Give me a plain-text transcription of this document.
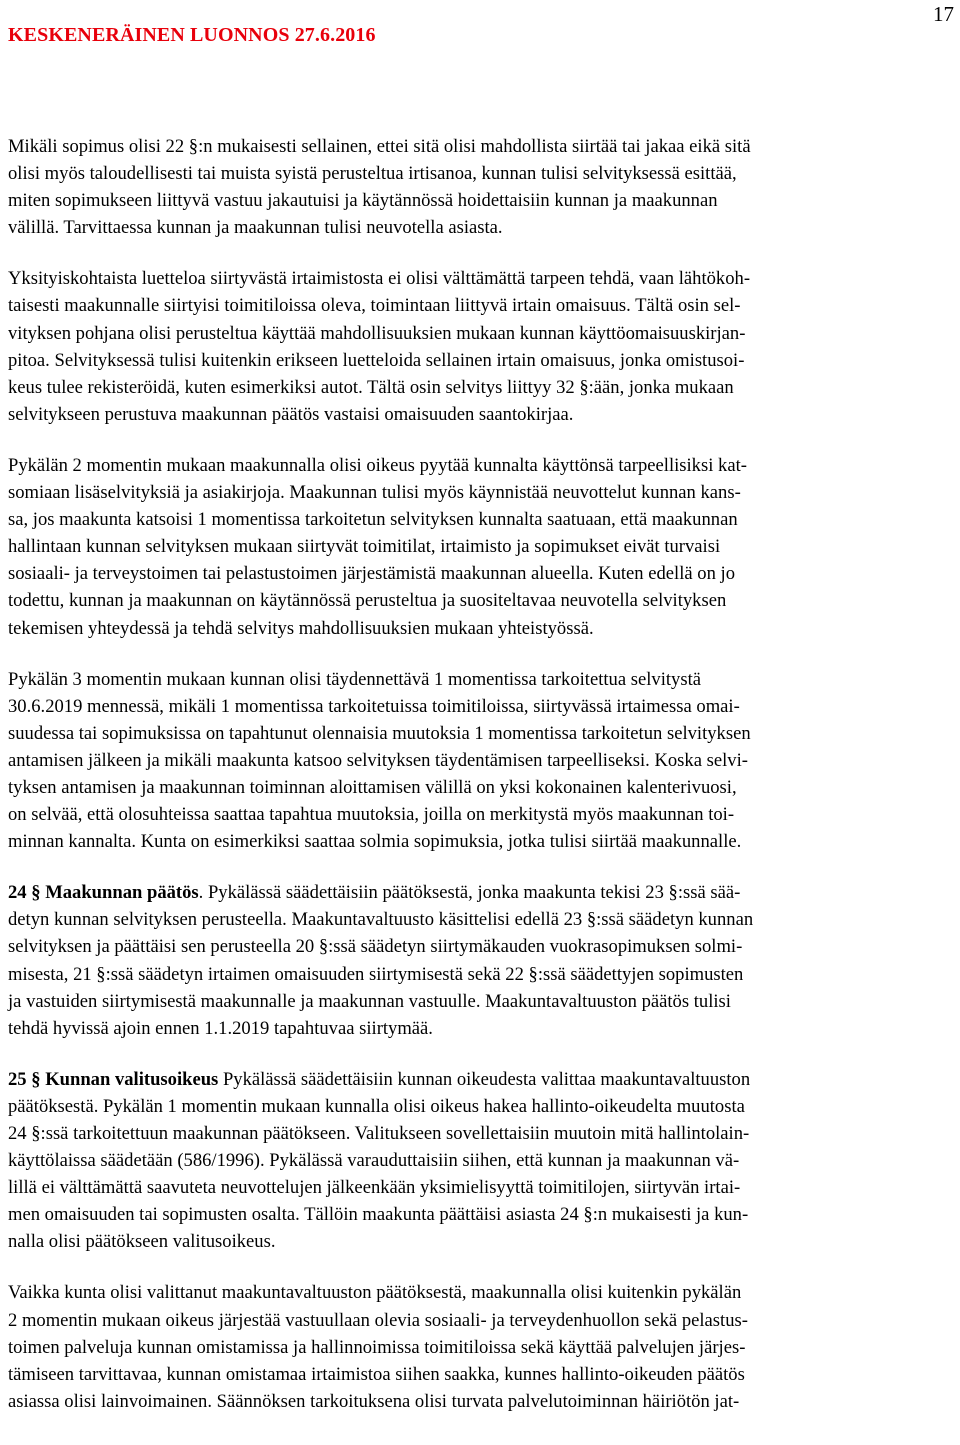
KESKENERÄINEN LUONNOS 27.6.2016
17

Mikäli sopimus olisi 22 §:n mukaisesti sellainen, ettei sitä olisi mahdollista siirtää tai jakaa eikä sitä
olisi myös taloudellisesti tai muista syistä perusteltua irtisanoa, kunnan tulisi selvityksessä esittää,
miten sopimukseen liittyvä vastuu jakautuisi ja käytännössä hoidettaisiin kunnan ja maakunnan
välillä. Tarvittaessa kunnan ja maakunnan tulisi neuvotella asiasta.

Yksityiskohtaista luetteloa siirtyvästä irtaimistosta ei olisi välttämättä tarpeen tehdä, vaan lähtökoh-
taisesti maakunnalle siirtyisi toimitiloissa oleva, toimintaan liittyvä irtain omaisuus. Tältä osin sel-
vityksen pohjana olisi perusteltua käyttää mahdollisuuksien mukaan kunnan käyttöomaisuuskirjan-
pitoa. Selvityksessä tulisi kuitenkin erikseen luetteloida sellainen irtain omaisuus, jonka omistusoi-
keus tulee rekisteröidä, kuten esimerkiksi autot. Tältä osin selvitys liittyy 32 §:ään, jonka mukaan
selvitykseen perustuva maakunnan päätös vastaisi omaisuuden saantokirjaa.

Pykälän 2 momentin mukaan maakunnalla olisi oikeus pyytää kunnalta käyttönsä tarpeellisiksi kat-
somiaan lisäselvityksiä ja asiakirjoja. Maakunnan tulisi myös käynnistää neuvottelut kunnan kans-
sa, jos maakunta katsoisi 1 momentissa tarkoitetun selvityksen kunnalta saatuaan, että maakunnan
hallintaan kunnan selvityksen mukaan siirtyvät toimitilat, irtaimisto ja sopimukset eivät turvaisi
sosiaali- ja terveystoimen tai pelastustoimen järjestämistä maakunnan alueella. Kuten edellä on jo
todettu, kunnan ja maakunnan on käytännössä perusteltua ja suositeltavaa neuvotella selvityksen
tekemisen yhteydessä ja tehdä selvitys mahdollisuuksien mukaan yhteistyössä.

Pykälän 3 momentin mukaan kunnan olisi täydennettävä 1 momentissa tarkoitettua selvitystä
30.6.2019 mennessä, mikäli 1 momentissa tarkoitetuissa toimitiloissa, siirtyvässä irtaimessa omai-
suudessa tai sopimuksissa on tapahtunut olennaisia muutoksia 1 momentissa tarkoitetun selvityksen
antamisen jälkeen ja mikäli maakunta katsoo selvityksen täydentämisen tarpeelliseksi. Koska selvi-
tyksen antamisen ja maakunnan toiminnan aloittamisen välillä on yksi kokonainen kalenterivuosi,
on selvää, että olosuhteissa saattaa tapahtua muutoksia, joilla on merkitystä myös maakunnan toi-
minnan kannalta. Kunta on esimerkiksi saattaa solmia sopimuksia, jotka tulisi siirtää maakunnalle.

24 § Maakunnan päätös. Pykälässä säädettäisiin päätöksestä, jonka maakunta tekisi 23 §:ssä sää-
detyn kunnan selvityksen perusteella. Maakuntavaltuusto käsittelisi edellä 23 §:ssä säädetyn kunnan
selvityksen ja päättäisi sen perusteella 20 §:ssä säädetyn siirtymäkauden vuokrasopimuksen solmi-
misesta, 21 §:ssä säädetyn irtaimen omaisuuden siirtymisestä sekä 22 §:ssä säädettyjen sopimusten
ja vastuiden siirtymisestä maakunnalle ja maakunnan vastuulle. Maakuntavaltuuston päätös tulisi
tehdä hyvissä ajoin ennen 1.1.2019 tapahtuvaa siirtymää.

25 § Kunnan valitusoikeus Pykälässä säädettäisiin kunnan oikeudesta valittaa maakuntavaltuuston
päätöksestä. Pykälän 1 momentin mukaan kunnalla olisi oikeus hakea hallinto-oikeudelta muutosta
24 §:ssä tarkoitettuun maakunnan päätökseen. Valitukseen sovellettaisiin muutoin mitä hallintolain-
käyttölaissa säädetään (586/1996). Pykälässä varauduttaisiin siihen, että kunnan ja maakunnan vä-
lillä ei välttämättä saavuteta neuvottelujen jälkeenkään yksimielisyyttä toimitilojen, siirtyvän irtai-
men omaisuuden tai sopimusten osalta. Tällöin maakunta päättäisi asiasta 24 §:n mukaisesti ja kun-
nalla olisi päätökseen valitusoikeus.

Vaikka kunta olisi valittanut maakuntavaltuuston päätöksestä, maakunnalla olisi kuitenkin pykälän
2 momentin mukaan oikeus järjestää vastuullaan olevia sosiaali- ja terveydenhuollon sekä pelastus-
toimen palveluja kunnan omistamissa ja hallinnoimissa toimitiloissa sekä käyttää palvelujen järjes-
tämiseen tarvittavaa, kunnan omistamaa irtaimistoa siihen saakka, kunnes hallinto-oikeuden päätös
asiassa olisi lainvoimainen. Säännöksen tarkoituksena olisi turvata palvelutoiminnan häiriötön jat-
